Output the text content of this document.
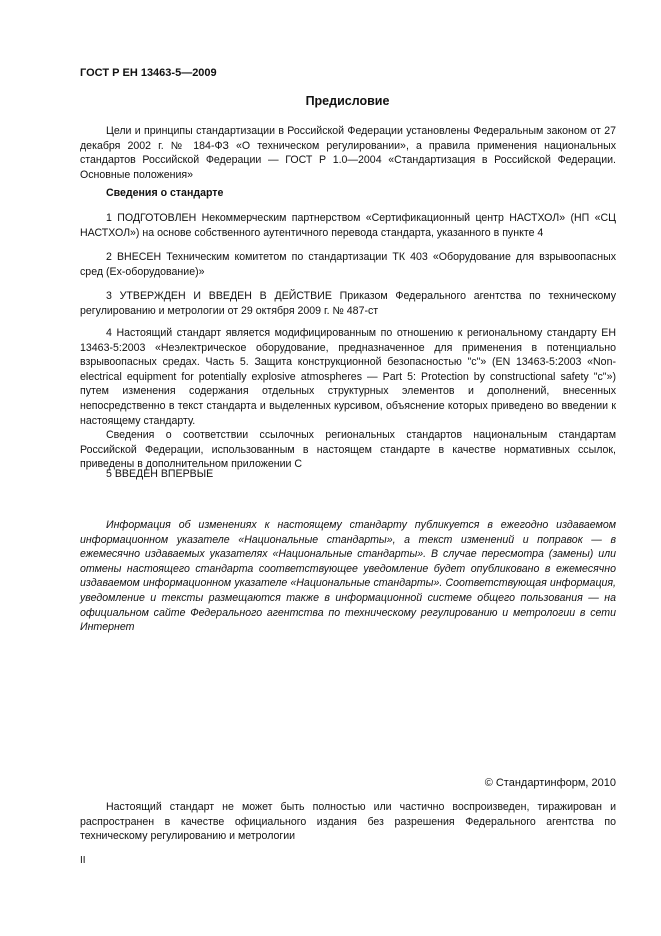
ГОСТ Р ЕН 13463-5—2009
Предисловие

Цели и принципы стандартизации в Российской Федерации установлены Федеральным законом от 27 декабря 2002 г. № 184-ФЗ «О техническом регулировании», а правила применения национальных стандартов Российской Федерации — ГОСТ Р 1.0—2004 «Стандартизация в Российской Федерации. Основные положения»

Сведения о стандарте

1 ПОДГОТОВЛЕН Некоммерческим партнерством «Сертификационный центр НАСТХОЛ» (НП «СЦ НАСТХОЛ») на основе собственного аутентичного перевода стандарта, указанного в пункте 4

2 ВНЕСЕН Техническим комитетом по стандартизации ТК 403 «Оборудование для взрывоопасных сред (Ex-оборудование)»

3 УТВЕРЖДЕН И ВВЕДЕН В ДЕЙСТВИЕ Приказом Федерального агентства по техническому регулированию и метрологии от 29 октября 2009 г. № 487-ст

4 Настоящий стандарт является модифицированным по отношению к региональному стандарту ЕН 13463-5:2003 «Неэлектрическое оборудование, предназначенное для применения в потенциально взрывоопасных средах. Часть 5. Защита конструкционной безопасностью "с"» (EN 13463-5:2003 «Non-electrical equipment for potentially explosive atmospheres — Part 5: Protection by constructional safety "c"») путем изменения содержания отдельных структурных элементов и дополнений, внесенных непосредственно в текст стандарта и выделенных курсивом, объяснение которых приведено во введении к настоящему стандарту.

Сведения о соответствии ссылочных региональных стандартов национальным стандартам Российской Федерации, использованным в настоящем стандарте в качестве нормативных ссылок, приведены в дополнительном приложении С

5 ВВЕДЕН ВПЕРВЫЕ

Информация об изменениях к настоящему стандарту публикуется в ежегодно издаваемом информационном указателе «Национальные стандарты», а текст изменений и поправок — в ежемесячно издаваемых указателях «Национальные стандарты». В случае пересмотра (замены) или отмены настоящего стандарта соответствующее уведомление будет опубликовано в ежемесячно издаваемом информационном указателе «Национальные стандарты». Соответствующая информация, уведомление и тексты размещаются также в информационной системе общего пользования — на официальном сайте Федерального агентства по техническому регулированию и метрологии в сети Интернет

© Стандартинформ, 2010

Настоящий стандарт не может быть полностью или частично воспроизведен, тиражирован и распространен в качестве официального издания без разрешения Федерального агентства по техническому регулированию и метрологии

II
